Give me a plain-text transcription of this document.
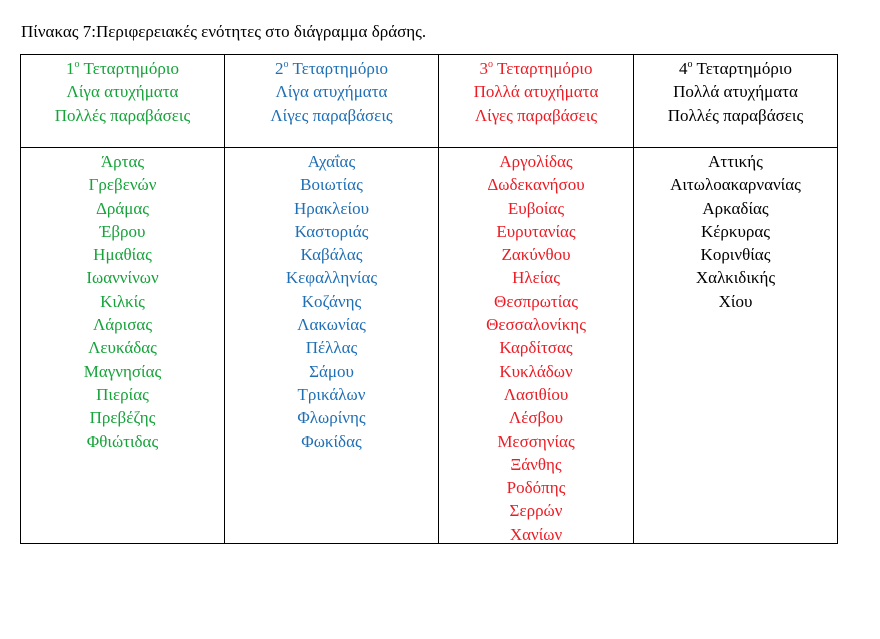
Πίνακας 7:Περιφερειακές ενότητες στο διάγραμμα δράσης.
$1^o$ Τεταρτημόριο
Λίγα ατυχήματα
Πολλές παραβάσεις
Άρτας
Γρεβενών
Δράμας
Έβρου
Ημαθίας
Ιωαννίνων
Κιλκίς
Λάρισας
Λευκάδας
Μαγνησίας
Πιερίας
Πρεβέζης
Φθιώτιδας
$2^o$ Τεταρτημόριο
Λίγα ατυχήματα
Λίγες παραβάσεις
Αχαΐας
Βοιωτίας
Ηρακλείου
Καστοριάς
Καβάλας
Κεφαλληνίας
Κοζάνης
Λακωνίας
Πέλλας
Σάμου
Τρικάλων
Φλωρίνης
Φωκίδας
$3^o$ Τεταρτημόριο
Πολλά ατυχήματα
Λίγες παραβάσεις
Αργολίδας
Δωδεκανήσου
Ευβοίας
Ευρυτανίας
Ζακύνθου
Ηλείας
Θεσπρωτίας
Θεσσαλονίκης
Καρδίτσας
Κυκλάδων
Λασιθίου
Λέσβου
Μεσσηνίας
Ξάνθης
Ροδόπης
Σερρών
Χανίων
$4^o$ Τεταρτημόριο
Πολλά ατυχήματα
Πολλές παραβάσεις
Αττικής
Αιτωλοακαρνανίας
Αρκαδίας
Κέρκυρας
Κορινθίας
Χαλκιδικής
Χίου
